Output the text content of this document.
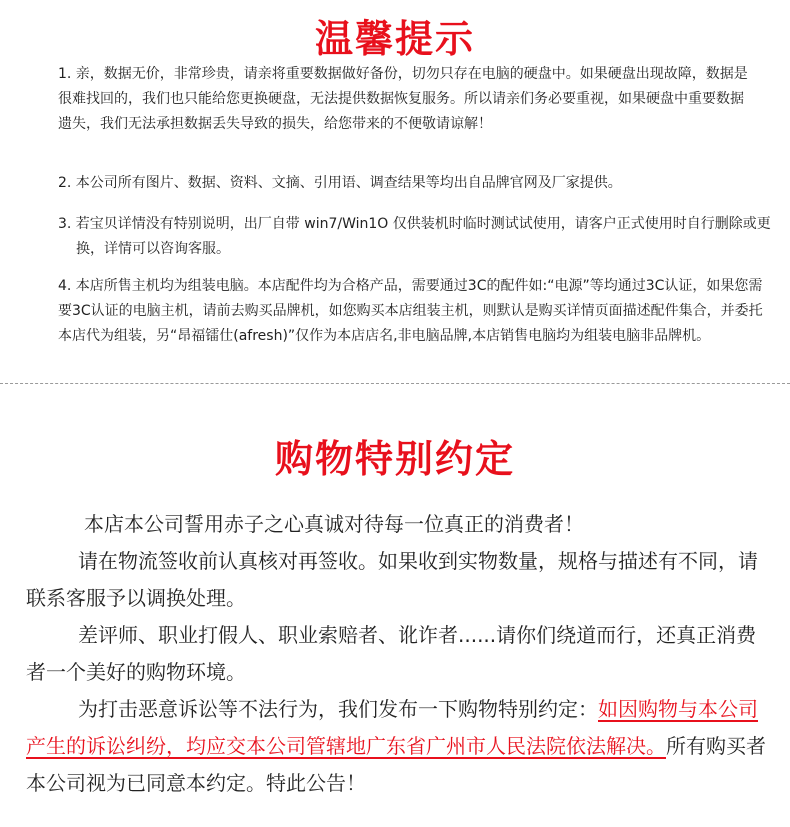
温馨提示
1. 亲，数据无价，非常珍贵，请亲将重要数据做好备份，切勿只存在电脑的硬盘中。如果硬盘出现故障，数据是很难找回的，我们也只能给您更换硬盘，无法提供数据恢复服务。所以请亲们务必要重视，如果硬盘中重要数据遗失，我们无法承担数据丢失导致的损失，给您带来的不便敬请谅解！
2. 本公司所有图片、数据、资料、文摘、引用语、调查结果等均出自品牌官网及厂家提供。
3. 若宝贝详情没有特别说明，出厂自带 win7/Win1O 仅供装机时临时测试试使用，请客户正式使用时自行删除或更换，详情可以咨询客服。
4. 本店所售主机均为组装电脑。本店配件均为合格产品，需要通过3C的配件如:“电源”等均通过3C认证，如果您需要3C认证的电脑主机，请前去购买品牌机，如您购买本店组装主机，则默认是购买详情页面描述配件集合，并委托本店代为组装，另“昂福镭仕(afresh)”仅作为本店店名,非电脑品牌,本店销售电脑均为组装电脑非品牌机。
购物特别约定

本店本公司誓用赤子之心真诚对待每一位真正的消费者！

请在物流签收前认真核对再签收。如果收到实物数量，规格与描述有不同，请联系客服予以调换处理。

差评师、职业打假人、职业索赔者、讹诈者......请你们绕道而行，还真正消费者一个美好的购物环境。

为打击恶意诉讼等不法行为，我们发布一下购物特别约定：如因购物与本公司产生的诉讼纠纷，均应交本公司管辖地广东省广州市人民法院依法解决。所有购买者本公司视为已同意本约定。特此公告！
